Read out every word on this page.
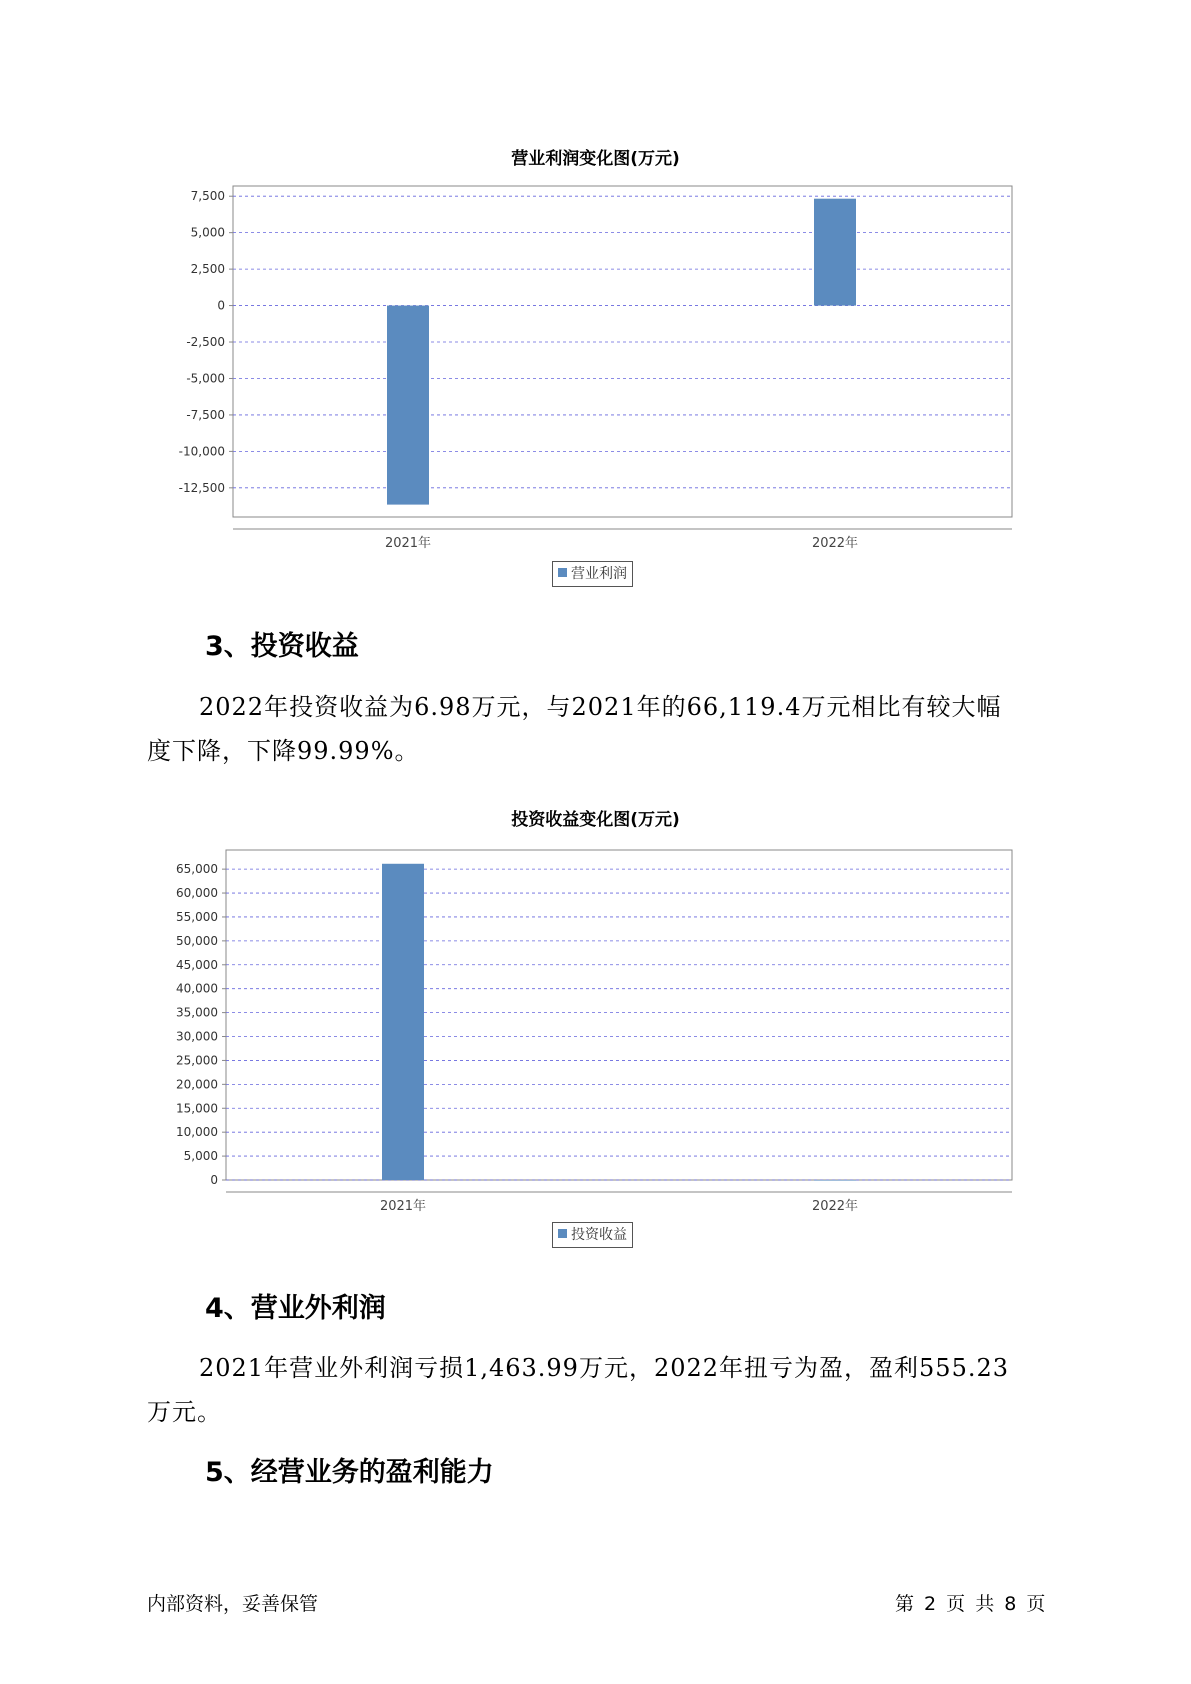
营业利润变化图(万元)
7,500
5,000
2,500
0
-2,500
-5,000
-7,500
-10,000
-12,500
2021年	2022年
营业利润
3、投资收益
2022年投资收益为6.98万元，与2021年的66,119.4万元相比有较大幅
度下降，下降99.99%。
投资收益变化图(万元)
65,000
60,000
55,000
50,000
45,000
40,000
35,000
30,000
25,000
20,000
15,000
10,000
5,000
0
2021年	2022年
投资收益
4、营业外利润
2021年营业外利润亏损1,463.99万元，2022年扭亏为盈，盈利555.23
万元。
5、经营业务的盈利能力
内部资料，妥善保管	第 2 页 共 8 页
